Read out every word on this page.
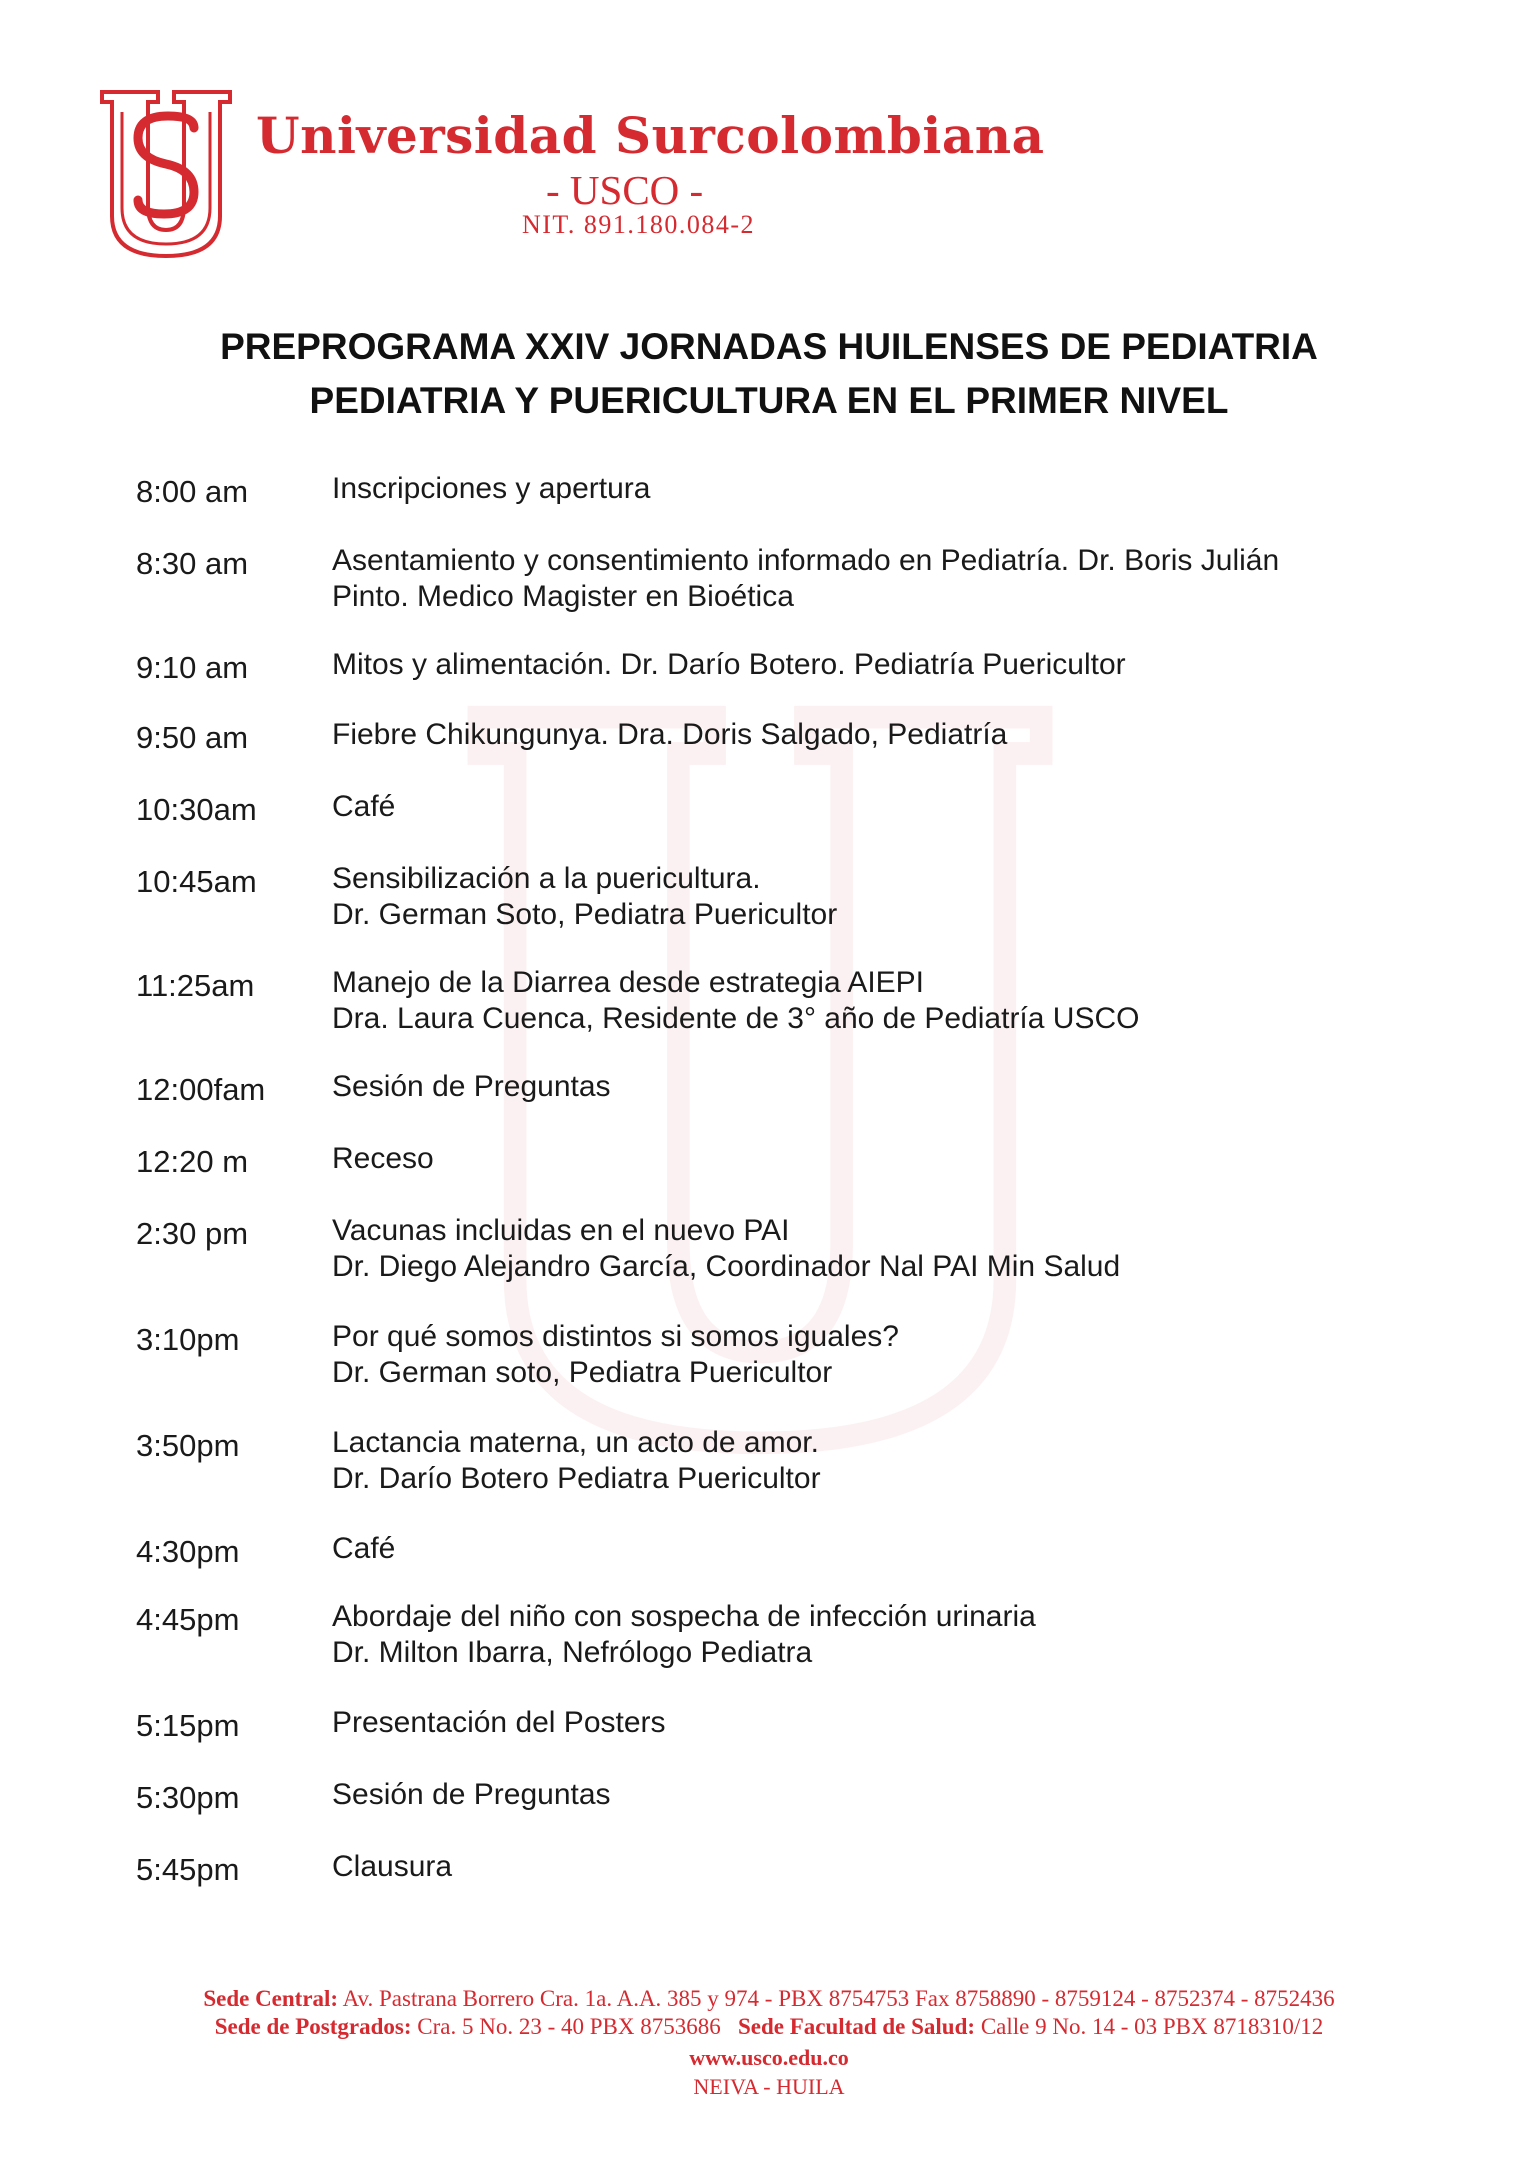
Universidad Surcolombiana
- USCO -
NIT. 891.180.084-2
PREPROGRAMA XXIV JORNADAS HUILENSES DE PEDIATRIA
PEDIATRIA Y PUERICULTURA EN EL PRIMER NIVEL
8:00 am	Inscripciones y apertura
8:30 am	Asentamiento y consentimiento informado en Pediatría. Dr. Boris Julián
Pinto. Medico Magister en Bioética
9:10 am	Mitos y alimentación. Dr. Darío Botero. Pediatría Puericultor
9:50 am	Fiebre Chikungunya. Dra. Doris Salgado, Pediatría
10:30am	Café
10:45am	Sensibilización a la puericultura.
Dr. German Soto, Pediatra Puericultor
11:25am	Manejo de la Diarrea desde estrategia AIEPI
Dra. Laura Cuenca, Residente de 3° año de Pediatría USCO
12:00fam Sesión de Preguntas
12:20 m	Receso
2:30 pm	Vacunas incluidas en el nuevo PAI
Dr. Diego Alejandro García, Coordinador Nal PAI Min Salud
3:10pm	Por qué somos distintos si somos iguales?
Dr. German soto, Pediatra Puericultor
3:50pm	Lactancia materna, un acto de amor.
Dr. Darío Botero Pediatra Puericultor
4:30pm	Café
4:45pm	Abordaje del niño con sospecha de infección urinaria
Dr. Milton Ibarra, Nefrólogo Pediatra
5:15pm	Presentación del Posters
5:30pm	Sesión de Preguntas
5:45pm	Clausura
Sede Central: Av. Pastrana Borrero Cra. 1a. A.A. 385 y 974 - PBX 8754753 Fax 8758890 - 8759124 - 8752374 - 8752436
Sede de Postgrados: Cra. 5 No. 23 - 40 PBX 8753686 Sede Facultad de Salud: Calle 9 No. 14 - 03 PBX 8718310/12
www.usco.edu.co
NEIVA - HUILA
